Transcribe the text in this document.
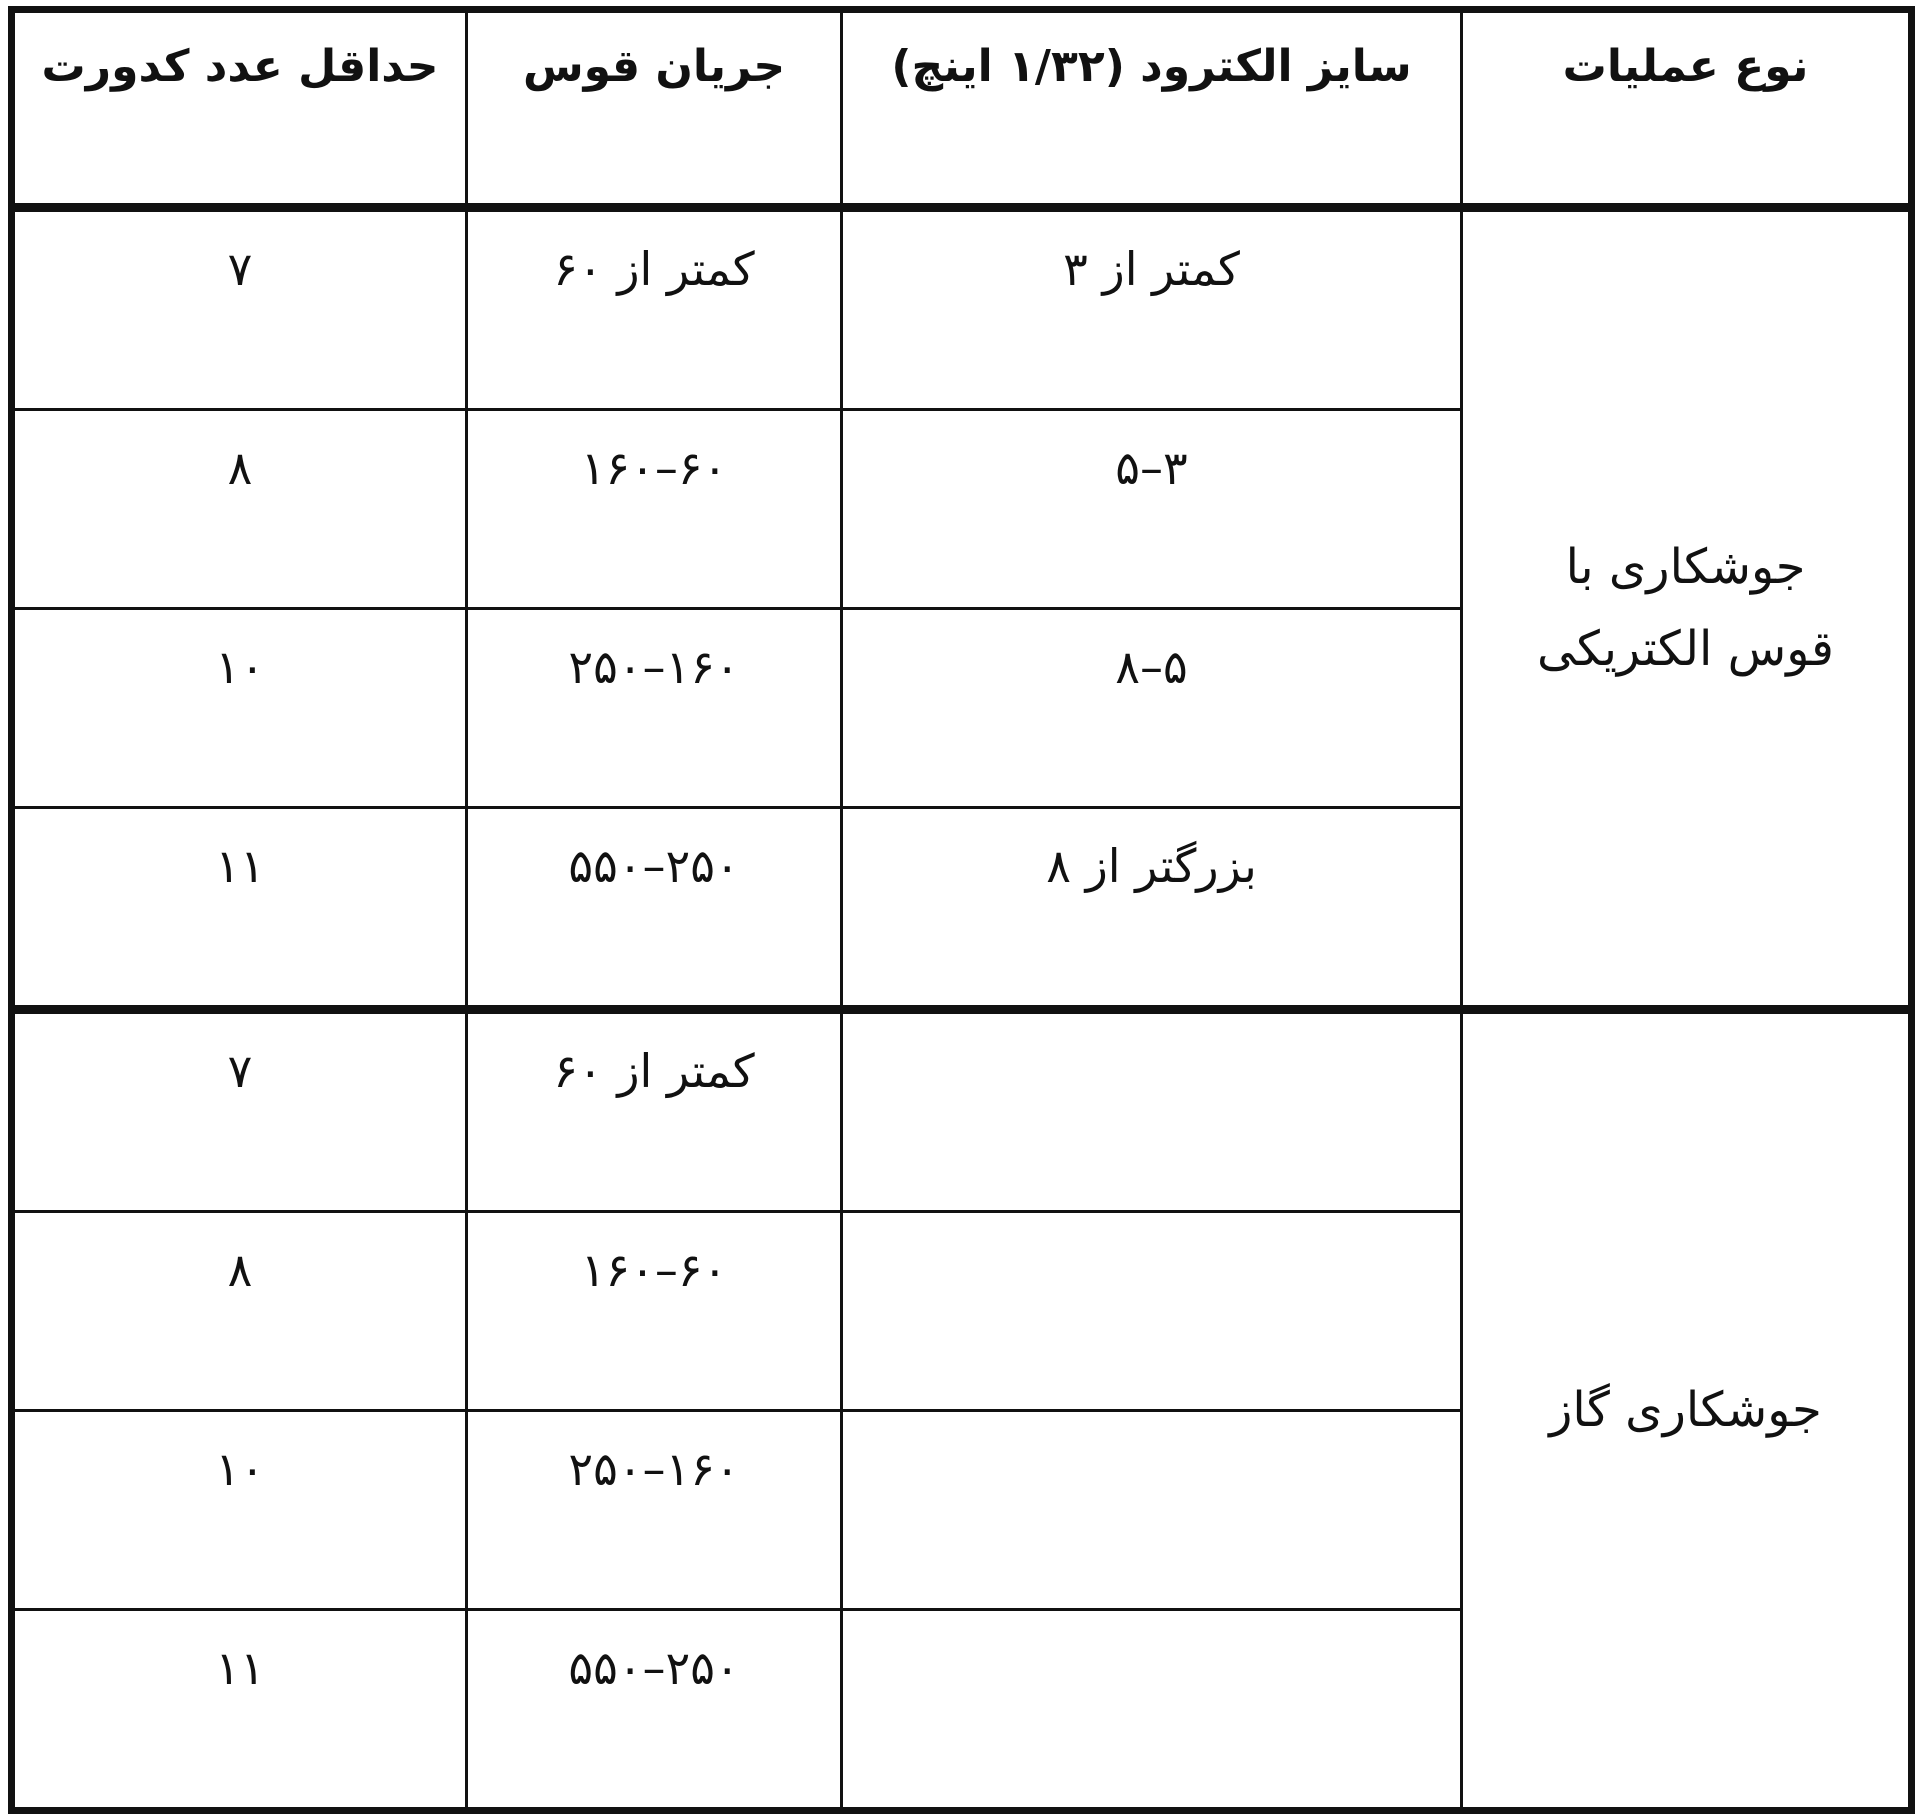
نوع عملیات	سایز الکترود (۱/۳۲ اینچ)	جریان قوس	حداقل عدد کدورت
جوشکاری با قوس الکتریکی	کمتر از ۳	کمتر از ۶۰	۷
	۳–۵	۶۰–۱۶۰	۸
	۵–۸	۱۶۰–۲۵۰	۱۰
	بزرگتر از ۸	۲۵۰–۵۵۰	۱۱
جوشکاری گاز		کمتر از ۶۰	۷
		۶۰–۱۶۰	۸
		۱۶۰–۲۵۰	۱۰
		۲۵۰–۵۵۰	۱۱
